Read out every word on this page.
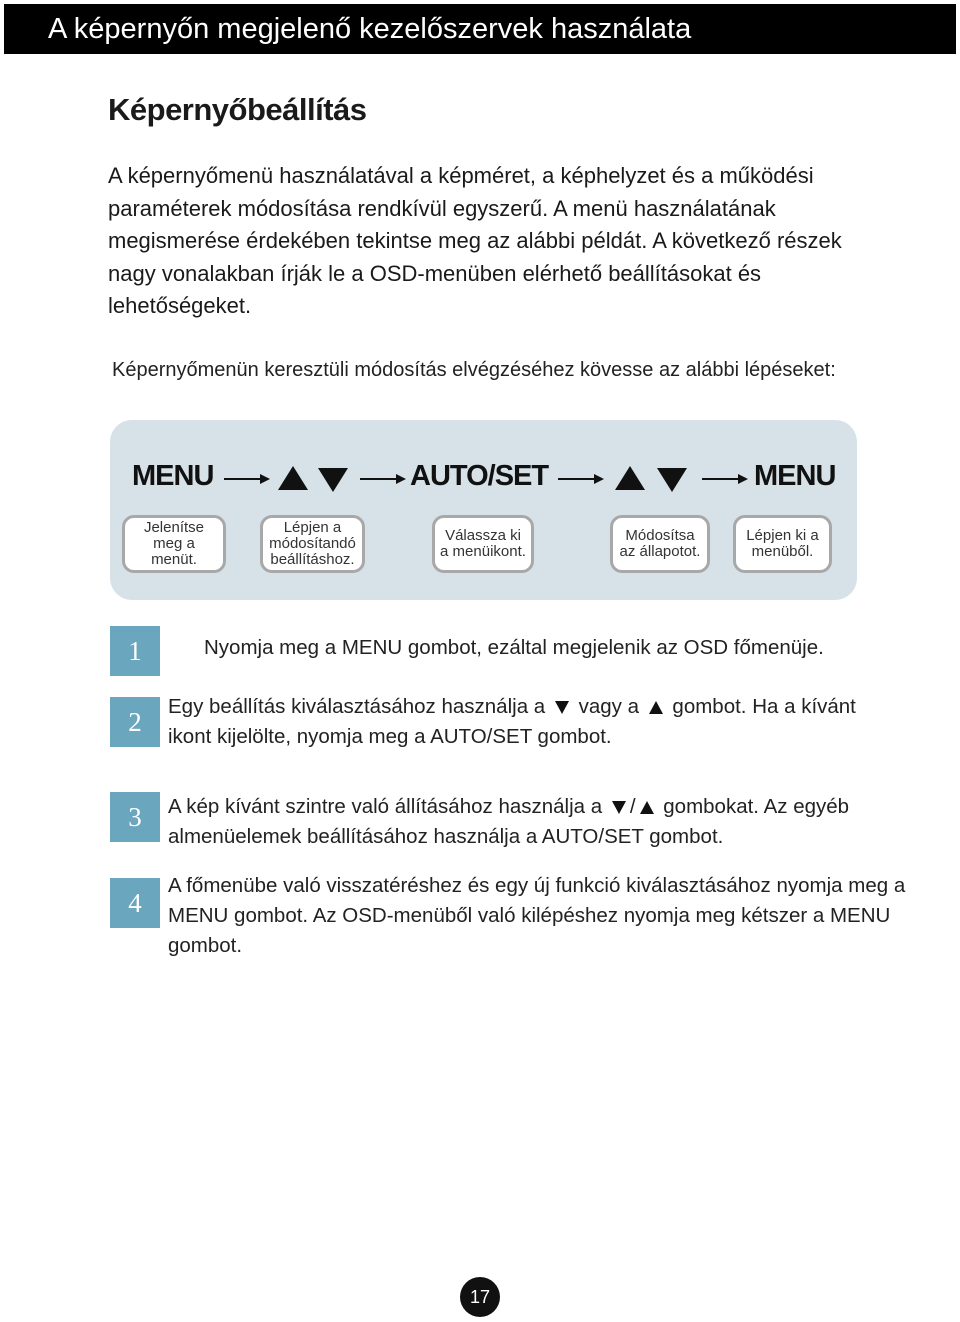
A képernyőn megjelenő kezelőszervek használata
Képernyőbeállítás
A képernyőmenü használatával a képméret, a képhelyzet és a működési
paraméterek módosítása rendkívül egyszerű. A menü használatának
megismerése érdekében tekintse meg az alábbi példát. A következő részek
nagy vonalakban írják le a OSD-menüben elérhető beállításokat és
lehetőségeket.
Képernyőmenün keresztüli módosítás elvégzéséhez kövesse az alábbi lépéseket:
MENU	AUTO/SET	MENU
Jelenítse meg a menüt.
Lépjen a módosítandó beállításhoz.
Válassza ki a menüikont.
Módosítsa az állapotot.
Lépjen ki a menüből.
1	Nyomja meg a MENU gombot, ezáltal megjelenik az OSD főmenüje.
2	Egy beállítás kiválasztásához használja a vagy a gombot. Ha a kívánt
ikont kijelölte, nyomja meg a AUTO/SET gombot.
3	A kép kívánt szintre való állításához használja a / gombokat. Az egyéb
almenüelemek beállításához használja a AUTO/SET gombot.
4
A főmenübe való visszatéréshez és egy új funkció kiválasztásához nyomja meg a
MENU gombot. Az OSD-menüből való kilépéshez nyomja meg kétszer a MENU
gombot.
17
